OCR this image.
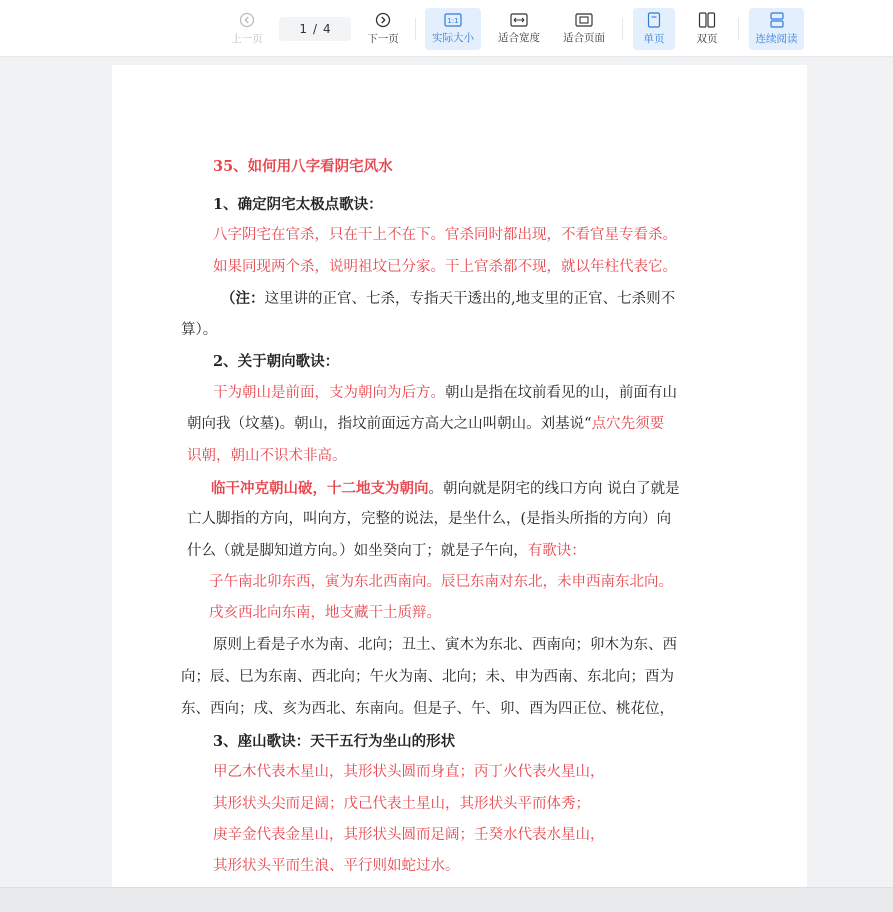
上一页
1 / 4
下一页
1:1
实际大小 适合宽度 适合页面	单页	双页	连续阅读
35、如何用八字看阴宅风水
1、确定阴宅太极点歌诀：
八字阴宅在官杀，只在干上不在下。官杀同时都出现，不看官星专看杀。
如果同现两个杀，说明祖坟已分家。干上官杀都不现，就以年柱代表它。
（注：这里讲的正官、七杀，专指天干透出的,地支里的正官、七杀则不
算）。
2、关于朝向歌诀：
干为朝山是前面，支为朝向为后方。朝山是指在坟前看见的山，前面有山
朝向我（坟墓)。朝山，指坟前面远方高大之山叫朝山。刘基说“点穴先须要
识朝，朝山不识术非高。
临干冲克朝山破，十二地支为朝向。朝向就是阴宅的线口方向 说白了就是
亡人脚指的方向，叫向方，完整的说法，是坐什么，(是指头所指的方向）向
什么（就是脚知道方向。）如坐癸向丁；就是子午向，有歌诀：
子午南北卯东西，寅为东北西南向。辰巳东南对东北，未申西南东北向。
戌亥西北向东南，地支藏干土质辩。
原则上看是子水为南、北向；丑土、寅木为东北、西南向；卯木为东、西
向；辰、巳为东南、西北向；午火为南、北向；未、申为西南、东北向；酉为
东、西向；戌、亥为西北、东南向。但是子、午、卯、酉为四正位、桃花位，
3、座山歌诀：天干五行为坐山的形状
甲乙木代表木星山，其形状头圆而身直；丙丁火代表火星山，
其形状头尖而足阔；戊己代表土星山，其形状头平而体秀；
庚辛金代表金星山，其形状头圆而足阔；壬癸水代表水星山，
其形状头平而生浪、平行则如蛇过水。
